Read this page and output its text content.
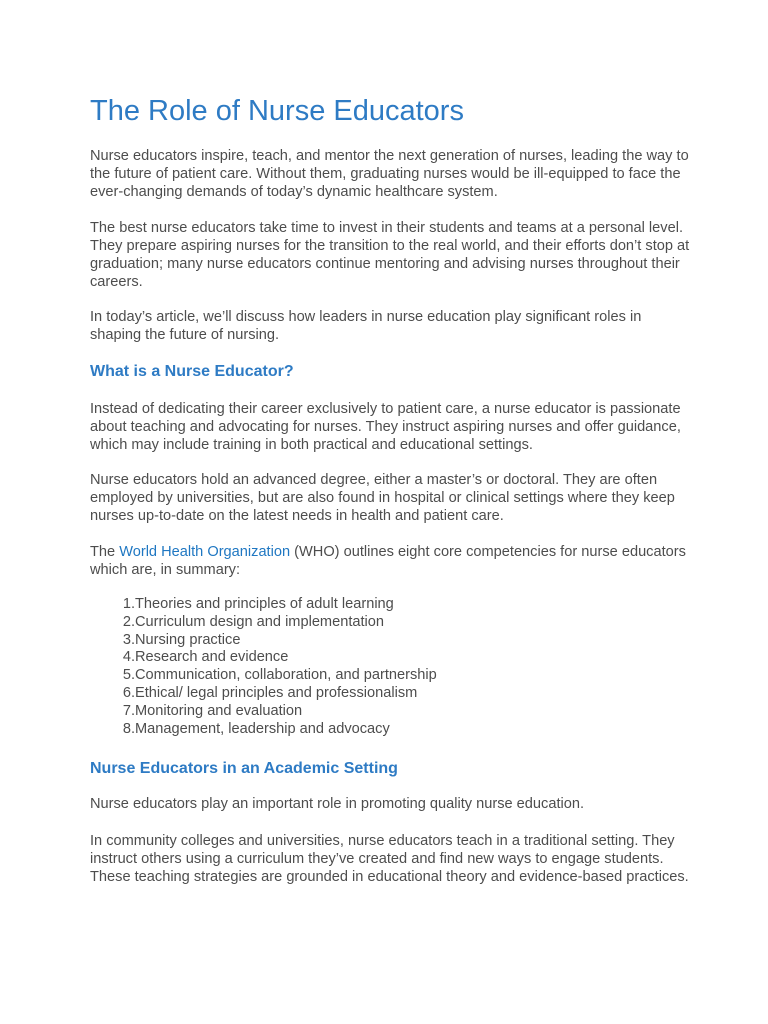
The Role of Nurse Educators

Nurse educators inspire, teach, and mentor the next generation of nurses, leading the way to the future of patient care. Without them, graduating nurses would be ill-equipped to face the ever-changing demands of today’s dynamic healthcare system.

The best nurse educators take time to invest in their students and teams at a personal level. They prepare aspiring nurses for the transition to the real world, and their efforts don’t stop at graduation; many nurse educators continue mentoring and advising nurses throughout their careers.

In today’s article, we’ll discuss how leaders in nurse education play significant roles in shaping the future of nursing.

What is a Nurse Educator?

Instead of dedicating their career exclusively to patient care, a nurse educator is passionate about teaching and advocating for nurses. They instruct aspiring nurses and offer guidance, which may include training in both practical and educational settings.

Nurse educators hold an advanced degree, either a master’s or doctoral. They are often employed by universities, but are also found in hospital or clinical settings where they keep nurses up-to-date on the latest needs in health and patient care.

The World Health Organization (WHO) outlines eight core competencies for nurse educators which are, in summary:

1. Theories and principles of adult learning
2. Curriculum design and implementation
3. Nursing practice
4. Research and evidence
5. Communication, collaboration, and partnership
6. Ethical/ legal principles and professionalism
7. Monitoring and evaluation
8. Management, leadership and advocacy
Nurse Educators in an Academic Setting

Nurse educators play an important role in promoting quality nurse education.

In community colleges and universities, nurse educators teach in a traditional setting. They instruct others using a curriculum they’ve created and find new ways to engage students. These teaching strategies are grounded in educational theory and evidence-based practices.
